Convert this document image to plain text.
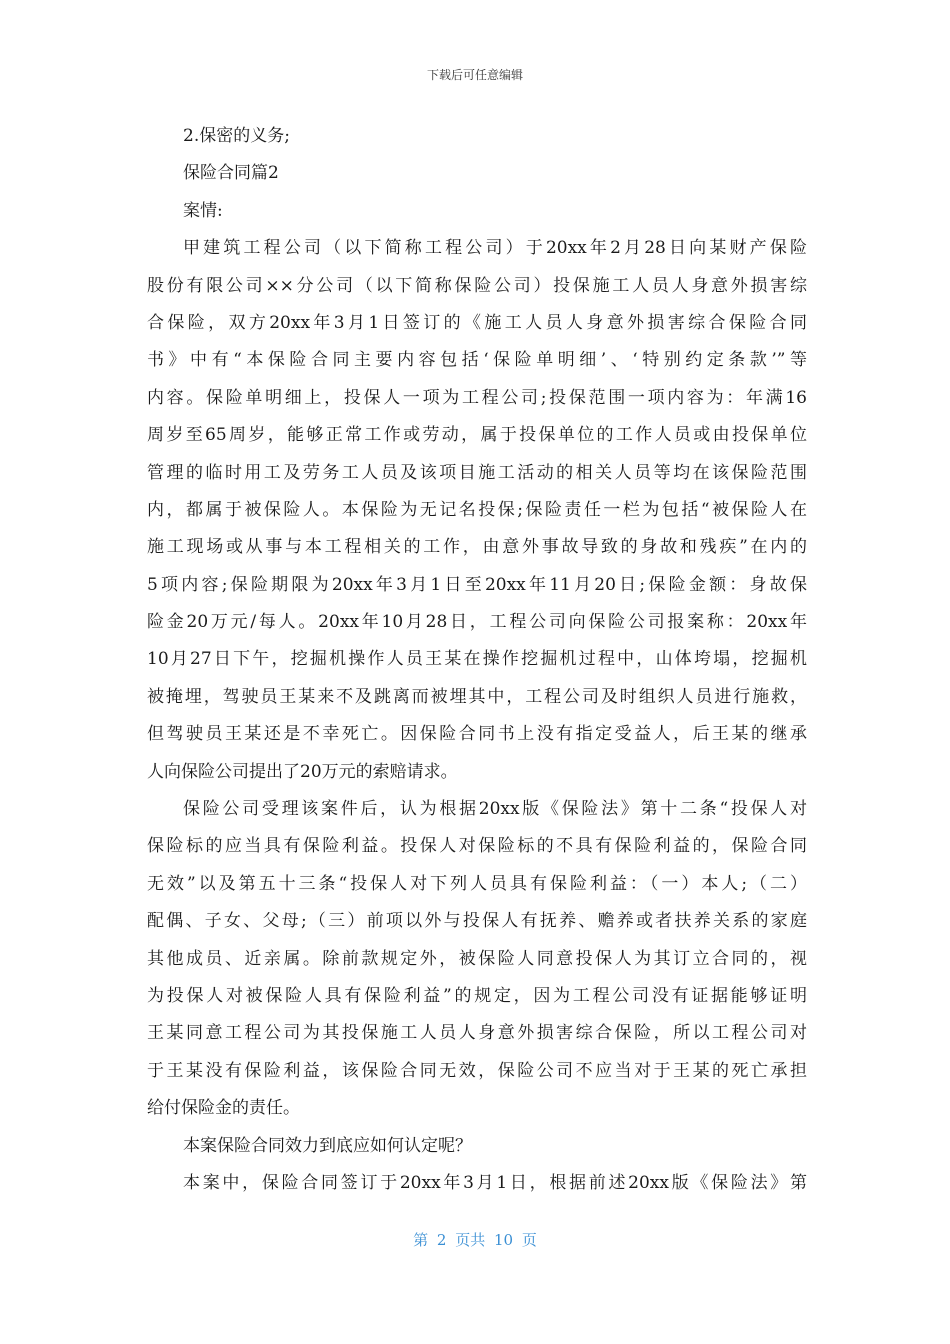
下载后可任意编辑
2.保密的义务;
保险合同篇2
案情:
甲建筑工程公司（以下简称工程公司）于20xx年2月28日向某财产保险
股份有限公司××分公司（以下简称保险公司）投保施工人员人身意外损害综
合保险，双方20xx年3月1日签订的《施工人员人身意外损害综合保险合同
书》中有“本保险合同主要内容包括‘保险单明细’、‘特别约定条款’”等
内容。保险单明细上，投保人一项为工程公司;投保范围一项内容为：年满16
周岁至65周岁，能够正常工作或劳动，属于投保单位的工作人员或由投保单位
管理的临时用工及劳务工人员及该项目施工活动的相关人员等均在该保险范围
内，都属于被保险人。本保险为无记名投保;保险责任一栏为包括“被保险人在
施工现场或从事与本工程相关的工作，由意外事故导致的身故和残疾”在内的
5项内容;保险期限为20xx年3月1日至20xx年11月20日;保险金额：身故保
险金20万元/每人。20xx年10月28日，工程公司向保险公司报案称：20xx年
10月27日下午，挖掘机操作人员王某在操作挖掘机过程中，山体垮塌，挖掘机
被掩埋，驾驶员王某来不及跳离而被埋其中，工程公司及时组织人员进行施救，
但驾驶员王某还是不幸死亡。因保险合同书上没有指定受益人，后王某的继承
人向保险公司提出了20万元的索赔请求。
保险公司受理该案件后，认为根据20xx版《保险法》第十二条“投保人对
保险标的应当具有保险利益。投保人对保险标的不具有保险利益的，保险合同
无效”以及第五十三条“投保人对下列人员具有保险利益：（一）本人;（二）
配偶、子女、父母;（三）前项以外与投保人有抚养、赡养或者扶养关系的家庭
其他成员、近亲属。除前款规定外，被保险人同意投保人为其订立合同的，视
为投保人对被保险人具有保险利益”的规定，因为工程公司没有证据能够证明
王某同意工程公司为其投保施工人员人身意外损害综合保险，所以工程公司对
于王某没有保险利益，该保险合同无效，保险公司不应当对于王某的死亡承担
给付保险金的责任。
本案保险合同效力到底应如何认定呢？
本案中，保险合同签订于20xx年3月1日，根据前述20xx版《保险法》第
第 2 页共 10 页
